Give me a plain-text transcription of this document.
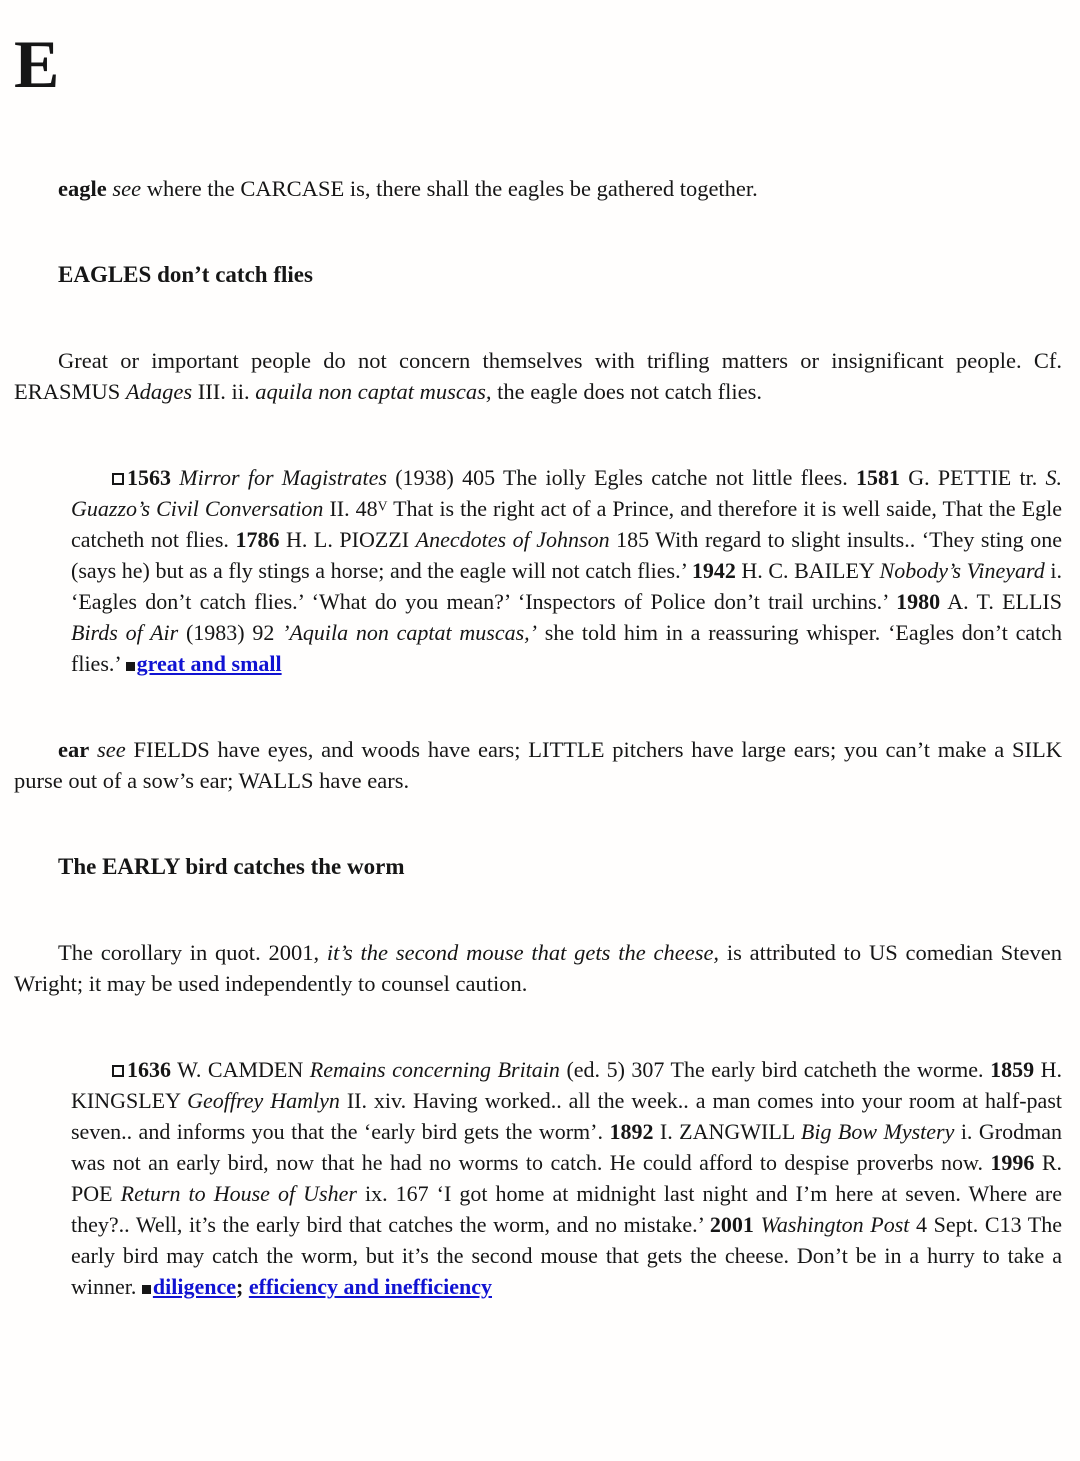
E

eagle see where the CARCASE is, there shall the eagles be gathered together.

EAGLES don’t catch flies

Great or important people do not concern themselves with trifling matters or insignificant people. Cf. ERASMUS Adages III. ii. aquila non captat muscas, the eagle does not catch flies.

1563 Mirror for Magistrates (1938) 405 The iolly Egles catche not little flees. 1581 G. PETTIE tr. S. Guazzo’s Civil Conversation II. $48^V$ That is the right act of a Prince, and therefore it is well saide, That the Egle catcheth not flies. 1786 H. L. PIOZZI Anecdotes of Johnson 185 With regard to slight insults.. ‘They sting one (says he) but as a fly stings a horse; and the eagle will not catch flies.’ 1942 H. C. BAILEY Nobody’s Vineyard i. ‘Eagles don’t catch flies.’ ‘What do you mean?’ ‘Inspectors of Police don’t trail urchins.’ 1980 A. T. ELLIS Birds of Air (1983) 92 ’Aquila non captat muscas,’ she told him in a reassuring whisper. ‘Eagles don’t catch flies.’ great and small

ear see FIELDS have eyes, and woods have ears; LITTLE pitchers have large ears; you can’t make a SILK purse out of a sow’s ear; WALLS have ears.

The EARLY bird catches the worm

The corollary in quot. 2001, it’s the second mouse that gets the cheese, is attributed to US comedian Steven Wright; it may be used independently to counsel caution.

1636 W. CAMDEN Remains concerning Britain (ed. 5) 307 The early bird catcheth the worme. 1859 H. KINGSLEY Geoffrey Hamlyn II. xiv. Having worked.. all the week.. a man comes into your room at half-past seven.. and informs you that the ‘early bird gets the worm’. 1892 I. ZANGWILL Big Bow Mystery i. Grodman was not an early bird, now that he had no worms to catch. He could afford to despise proverbs now. 1996 R. POE Return to House of Usher ix. 167 ‘I got home at midnight last night and I’m here at seven. Where are they?.. Well, it’s the early bird that catches the worm, and no mistake.’ 2001 Washington Post 4 Sept. C13 The early bird may catch the worm, but it’s the second mouse that gets the cheese. Don’t be in a hurry to take a winner. diligence; efficiency and inefficiency
